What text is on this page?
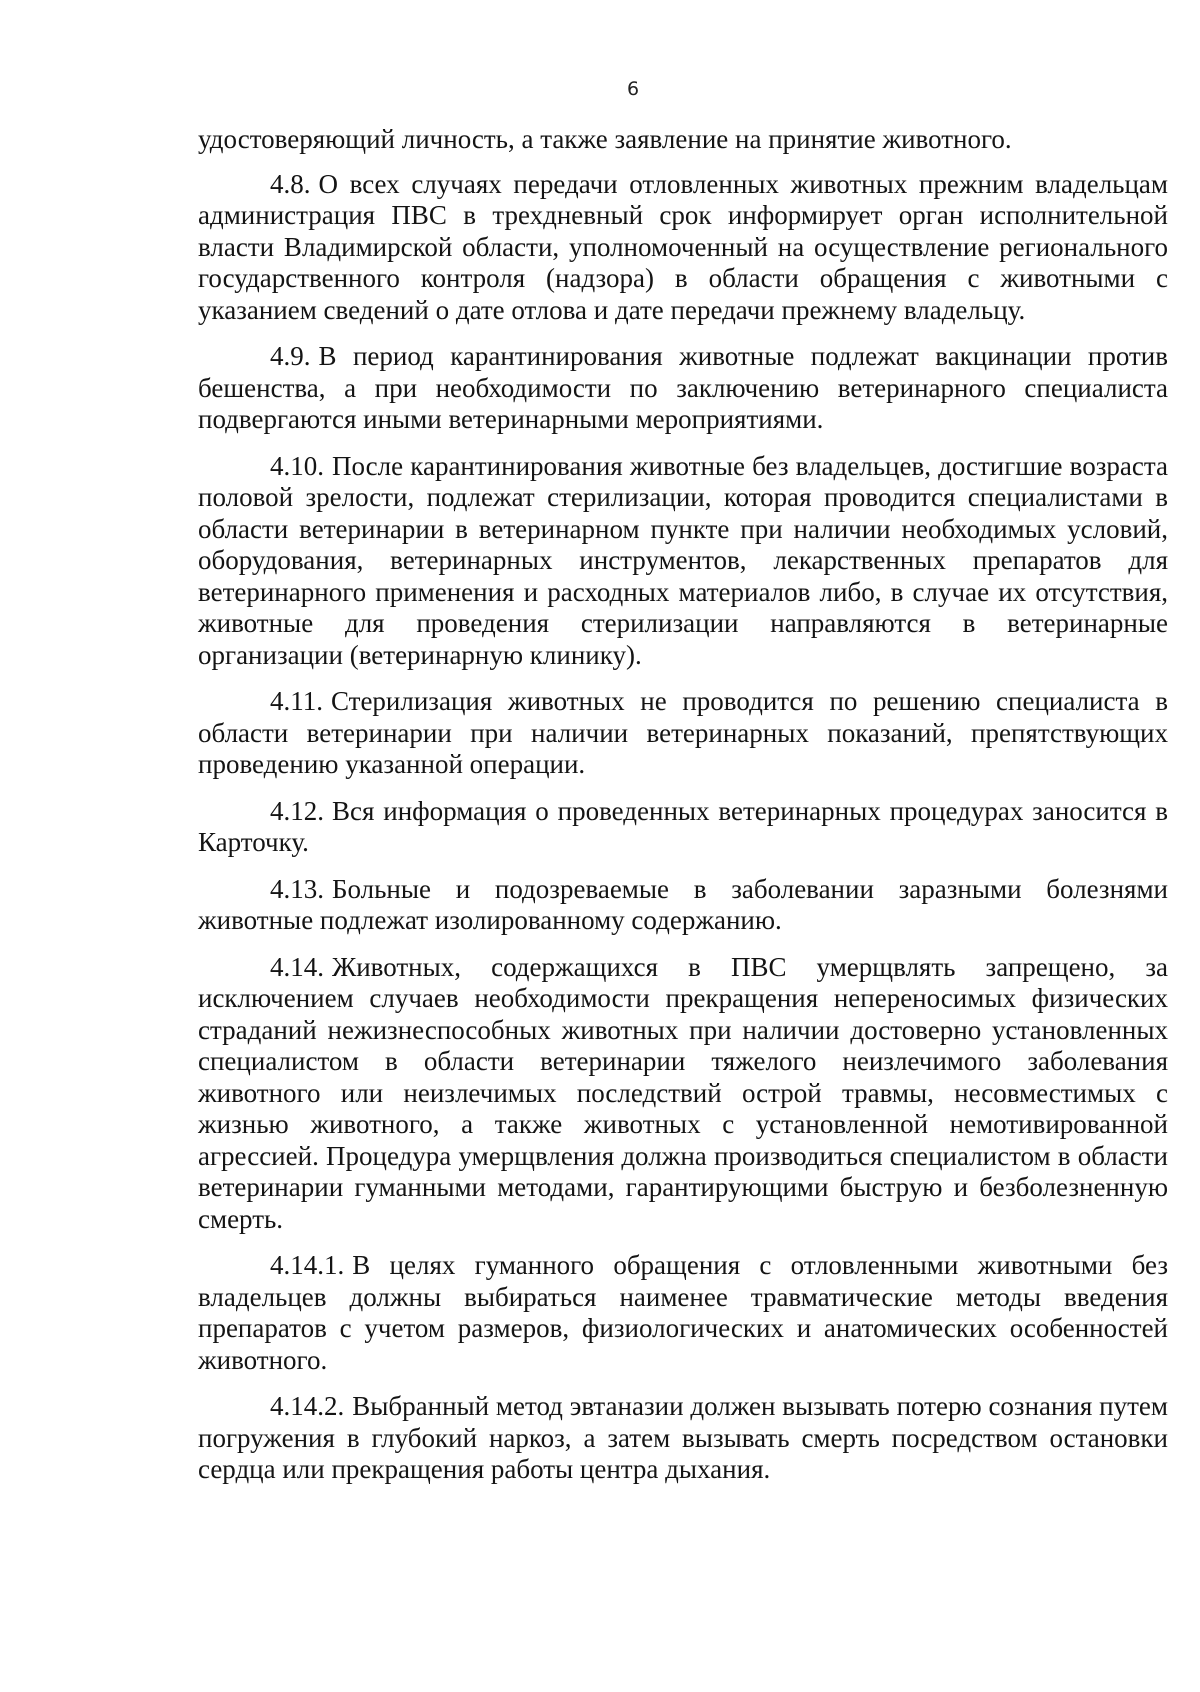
6

удостоверяющий личность, а также заявление на принятие животного.

4.8. О всех случаях передачи отловленных животных прежним владельцам администрация ПВС в трехдневный срок информирует орган исполнительной власти Владимирской области, уполномоченный на осуществление регионального государственного контроля (надзора) в области обращения с животными с указанием сведений о дате отлова и дате передачи прежнему владельцу.

4.9. В период карантинирования животные подлежат вакцинации против бешенства, а при необходимости по заключению ветеринарного специалиста подвергаются иными ветеринарными мероприятиями.

4.10. После карантинирования животные без владельцев, достигшие возраста половой зрелости, подлежат стерилизации, которая проводится специалистами в области ветеринарии в ветеринарном пункте при наличии необходимых условий, оборудования, ветеринарных инструментов, лекарственных препаратов для ветеринарного применения и расходных материалов либо, в случае их отсутствия, животные для проведения стерилизации направляются в ветеринарные организации (ветеринарную клинику).

4.11. Стерилизация животных не проводится по решению специалиста в области ветеринарии при наличии ветеринарных показаний, препятствующих проведению указанной операции.

4.12. Вся информация о проведенных ветеринарных процедурах заносится в Карточку.

4.13. Больные и подозреваемые в заболевании заразными болезнями животные подлежат изолированному содержанию.

4.14. Животных, содержащихся в ПВС умерщвлять запрещено, за исключением случаев необходимости прекращения непереносимых физических страданий нежизнеспособных животных при наличии достоверно установленных специалистом в области ветеринарии тяжелого неизлечимого заболевания животного или неизлечимых последствий острой травмы, несовместимых с жизнью животного, а также животных с установленной немотивированной агрессией. Процедура умерщвления должна производиться специалистом в области ветеринарии гуманными методами, гарантирующими быструю и безболезненную смерть.

4.14.1. В целях гуманного обращения с отловленными животными без владельцев должны выбираться наименее травматические методы введения препаратов с учетом размеров, физиологических и анатомических особенностей животного.

4.14.2. Выбранный метод эвтаназии должен вызывать потерю сознания путем погружения в глубокий наркоз, а затем вызывать смерть посредством остановки сердца или прекращения работы центра дыхания.
